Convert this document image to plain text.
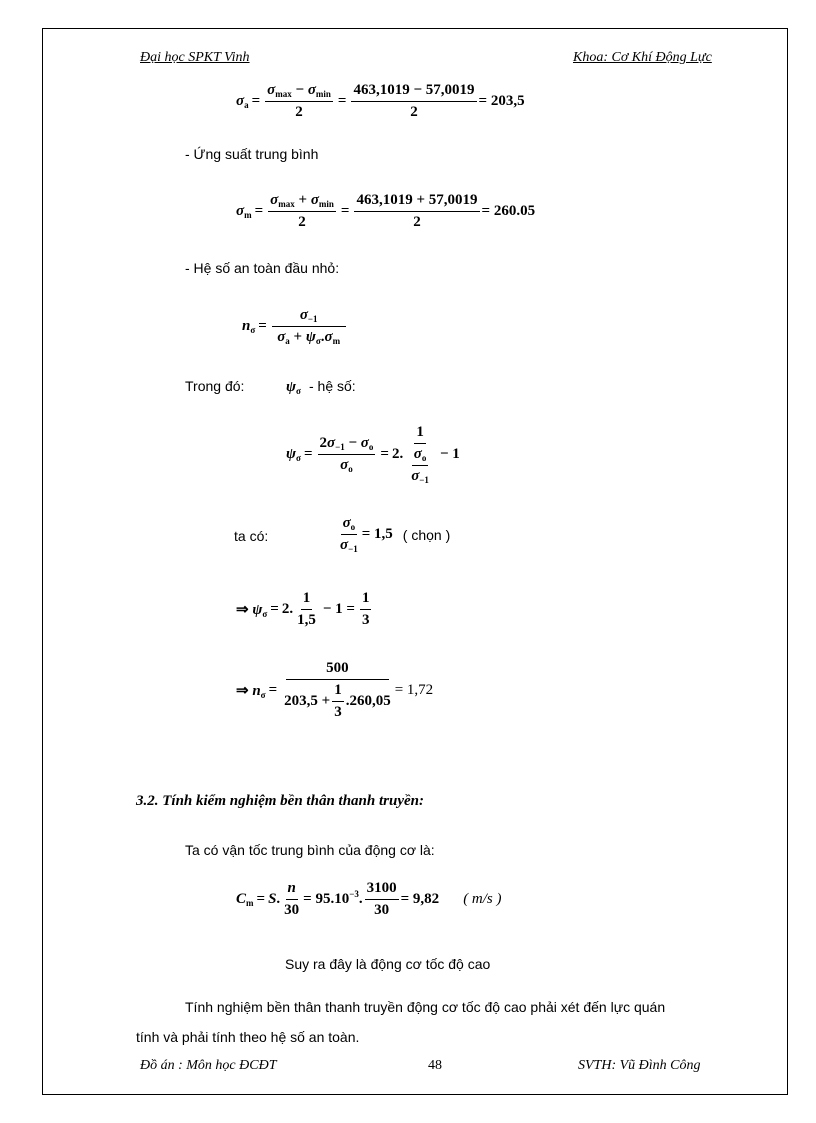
Đại học SPKT Vinh	Khoa: Cơ Khí Động Lực
$\sigma_a = \frac{\sigma_{max} - \sigma_{min}}{2} = \frac{463,1019 - 57,0019}{2} = 203,5$
- Ứng suất trung bình
$\sigma_m = \frac{\sigma_{max} + \sigma_{min}}{2} = \frac{463,1019 + 57,0019}{2} = 260.05$
- Hệ số an toàn đầu nhỏ:
$n_\sigma = \frac{\sigma_{-1}}{\sigma_a + \psi_\sigma.\sigma_m}$
Trong đó:	$\psi_\sigma$ - hệ số:
$\psi_\sigma = \frac{2\sigma_{-1} - \sigma_o}{\sigma_o} = 2$. $\frac{1}{\frac{\sigma_o}{\sigma_{-1}}} - 1$
ta có:	$\frac{\sigma_o}{\sigma_{-1}} = 1,5$ ( chọn )
⇒ $\psi_\sigma = 2$. $\frac{1}{1,5} - 1 = \frac{1}{3}$
⇒ $n_\sigma = \frac{500}{203,5 + \frac{1}{3} . 260,05} = 1,72$
3.2. Tính kiểm nghiệm bền thân thanh truyền:
Ta có vận tốc trung bình của động cơ là:
$C_m = S$. $\frac{n}{30} = 95.10^{-3}$ . $\frac{3100}{30} = 9,82$ ( m/s )
Suy ra đây là động cơ tốc độ cao
Tính nghiệm bền thân thanh truyền động cơ tốc độ cao phải xét đến lực quán
tính và phải tính theo hệ số an toàn.
Đồ án : Môn học ĐCĐT	48	SVTH: Vũ Đình Công
